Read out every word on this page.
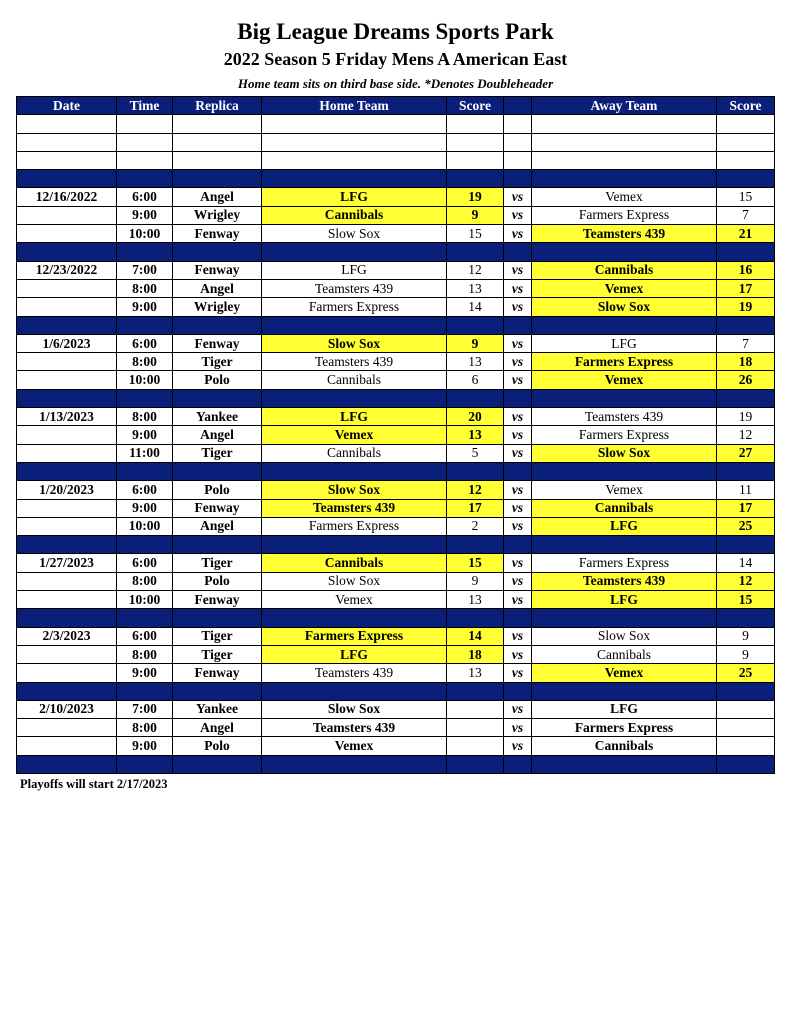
Big League Dreams Sports Park
2022 Season 5 Friday Mens A American East
Home team sits on third base side. *Denotes Doubleheader
Date	Time	Replica	Home Team	Score		Away Team	Score

12/16/2022	6:00	Angel	LFG	19	vs	Vemex	15
	9:00	Wrigley	Cannibals	9	vs	Farmers Express	7
	10:00	Fenway	Slow Sox	15	vs	Teamsters 439	21

12/23/2022	7:00	Fenway	LFG	12	vs	Cannibals	16
	8:00	Angel	Teamsters 439	13	vs	Vemex	17
	9:00	Wrigley	Farmers Express	14	vs	Slow Sox	19

1/6/2023	6:00	Fenway	Slow Sox	9	vs	LFG	7
	8:00	Tiger	Teamsters 439	13	vs	Farmers Express	18
	10:00	Polo	Cannibals	6	vs	Vemex	26

1/13/2023	8:00	Yankee	LFG	20	vs	Teamsters 439	19
	9:00	Angel	Vemex	13	vs	Farmers Express	12
	11:00	Tiger	Cannibals	5	vs	Slow Sox	27

1/20/2023	6:00	Polo	Slow Sox	12	vs	Vemex	11
	9:00	Fenway	Teamsters 439	17	vs	Cannibals	17
	10:00	Angel	Farmers Express	2	vs	LFG	25

1/27/2023	6:00	Tiger	Cannibals	15	vs	Farmers Express	14
	8:00	Polo	Slow Sox	9	vs	Teamsters 439	12
	10:00	Fenway	Vemex	13	vs	LFG	15

2/3/2023	6:00	Tiger	Farmers Express	14	vs	Slow Sox	9
	8:00	Tiger	LFG	18	vs	Cannibals	9
	9:00	Fenway	Teamsters 439	13	vs	Vemex	25

2/10/2023	7:00	Yankee	Slow Sox		vs	LFG	
	8:00	Angel	Teamsters 439		vs	Farmers Express	
	9:00	Polo	Vemex		vs	Cannibals	

Playoffs will start 2/17/2023
